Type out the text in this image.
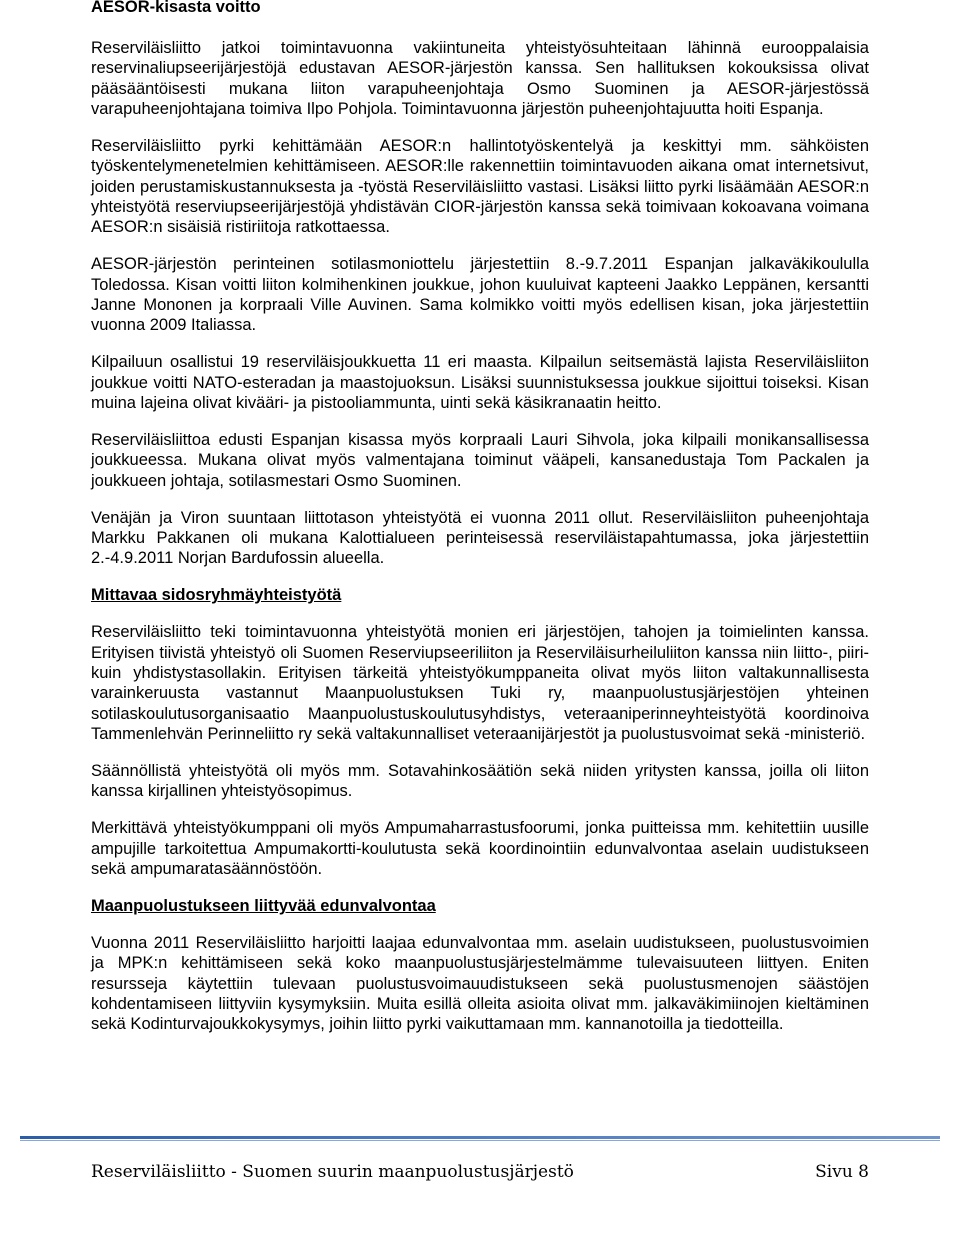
AESOR-kisasta voitto

Reserviläisliitto jatkoi toimintavuonna vakiintuneita yhteistyösuhteitaan lähinnä eurooppalaisia reservinaliupseerijärjestöjä edustavan AESOR-järjestön kanssa. Sen hallituksen kokouksissa olivat pääsääntöisesti mukana liiton varapuheenjohtaja Osmo Suominen ja AESOR-järjestössä varapuheenjohtajana toimiva Ilpo Pohjola. Toimintavuonna järjestön puheenjohtajuutta hoiti Espanja.

Reserviläisliitto pyrki kehittämään AESOR:n hallintotyöskentelyä ja keskittyi mm. sähköisten työskentelymenetelmien kehittämiseen. AESOR:lle rakennettiin toimintavuoden aikana omat internetsivut, joiden perustamiskustannuksesta ja -työstä Reserviläisliitto vastasi. Lisäksi liitto pyrki lisäämään AESOR:n yhteistyötä reserviupseerijärjestöjä yhdistävän CIOR-järjestön kanssa sekä toimivaan kokoavana voimana AESOR:n sisäisiä ristiriitoja ratkottaessa.

AESOR-järjestön perinteinen sotilasmoniottelu järjestettiin 8.-9.7.2011 Espanjan jalkaväkikoululla Toledossa. Kisan voitti liiton kolmihenkinen joukkue, johon kuuluivat kapteeni Jaakko Leppänen, kersantti Janne Mononen ja korpraali Ville Auvinen. Sama kolmikko voitti myös edellisen kisan, joka järjestettiin vuonna 2009 Italiassa.

Kilpailuun osallistui 19 reserviläisjoukkuetta 11 eri maasta. Kilpailun seitsemästä lajista Reserviläisliiton joukkue voitti NATO-esteradan ja maastojuoksun. Lisäksi suunnistuksessa joukkue sijoittui toiseksi. Kisan muina lajeina olivat kivääri- ja pistooliammunta, uinti sekä käsikranaatin heitto.

Reserviläisliittoa edusti Espanjan kisassa myös korpraali Lauri Sihvola, joka kilpaili monikansallisessa joukkueessa. Mukana olivat myös valmentajana toiminut vääpeli, kansanedustaja Tom Packalen ja joukkueen johtaja, sotilasmestari Osmo Suominen.

Venäjän ja Viron suuntaan liittotason yhteistyötä ei vuonna 2011 ollut. Reserviläisliiton puheenjohtaja Markku Pakkanen oli mukana Kalottialueen perinteisessä reserviläistapahtumassa, joka järjestettiin 2.-4.9.2011 Norjan Bardufossin alueella.

Mittavaa sidosryhmäyhteistyötä

Reserviläisliitto teki toimintavuonna yhteistyötä monien eri järjestöjen, tahojen ja toimielinten kanssa. Erityisen tiivistä yhteistyö oli Suomen Reserviupseeriliiton ja Reserviläisurheiluliiton kanssa niin liitto-, piiri- kuin yhdistystasollakin. Erityisen tärkeitä yhteistyökumppaneita olivat myös liiton valtakunnallisesta varainkeruusta vastannut Maanpuolustuksen Tuki ry, maanpuolustusjärjestöjen yhteinen sotilaskoulutusorganisaatio Maanpuolustuskoulutusyhdistys, veteraaniperinneyhteistyötä koordinoiva Tammenlehvän Perinneliitto ry sekä valtakunnalliset veteraanijärjestöt ja puolustusvoimat sekä -ministeriö.

Säännöllistä yhteistyötä oli myös mm. Sotavahinkosäätiön sekä niiden yritysten kanssa, joilla oli liiton kanssa kirjallinen yhteistyösopimus.

Merkittävä yhteistyökumppani oli myös Ampumaharrastusfoorumi, jonka puitteissa mm. kehitettiin uusille ampujille tarkoitettua Ampumakortti-koulutusta sekä koordinointiin edunvalvontaa aselain uudistukseen sekä ampumaratasäännöstöön.

Maanpuolustukseen liittyvää edunvalvontaa

Vuonna 2011 Reserviläisliitto harjoitti laajaa edunvalvontaa mm. aselain uudistukseen, puolustusvoimien ja MPK:n kehittämiseen sekä koko maanpuolustusjärjestelmämme tulevaisuuteen liittyen. Eniten resursseja käytettiin tulevaan puolustusvoimauudistukseen sekä puolustusmenojen säästöjen kohdentamiseen liittyviin kysymyksiin. Muita esillä olleita asioita olivat mm. jalkaväkimiinojen kieltäminen sekä Kodinturvajoukkokysymys, joihin liitto pyrki vaikuttamaan mm. kannanotoilla ja tiedotteilla.

Reserviläisliitto - Suomen suurin maanpuolustusjärjestö	Sivu 8
